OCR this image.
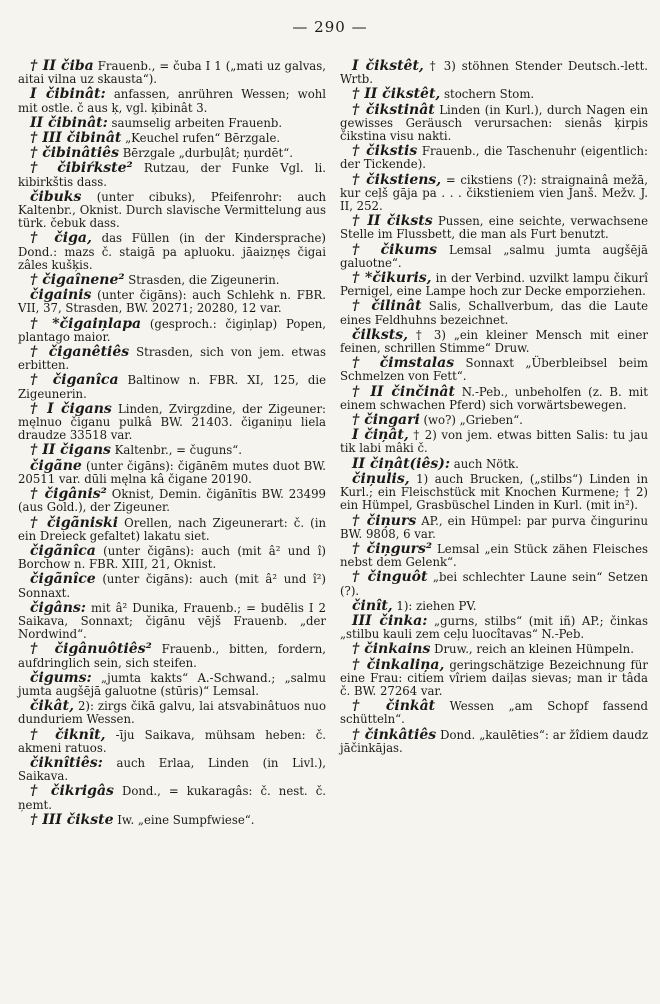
— 290 —

† II čiba Frauenb., = čuba I 1 („mati uz galvas, aitai vilna uz skausta“).

I čibinât: anfassen, anrühren Wessen; wohl mit ostle. č aus ķ, vgl. ķibinât 3.

II čibinât: saumselig arbeiten Frauenb.

† III čibinât „Keuchel rufen“ Bērzgale.

† čibinâtiês Bērzgale „durbuļât; ņurdēt“.

† čibiŕkste² Rutzau, der Funke Vgl. li. kibirkštis dass.

čibuks (unter cibuks), Pfeifenrohr: auch Kaltenbr., Oknist. Durch slavische Vermittelung aus türk. čebuk dass.

† čiga, das Füllen (in der Kindersprache) Dond.: mazs č. staigā pa apluoku. jāaizņęs čigai zâles kušķis.

† čigaînene² Strasden, die Zigeunerin.

čigainis (unter čigāns): auch Schlehk n. FBR. VII, 37, Strasden, BW. 20271; 20280, 12 var.

† *čigaiņlapa (gesproch.: čigiņlap) Popen, plantago maior.

† čiganêtiês Strasden, sich von jem. etwas erbitten.

† čiganîca Baltinow n. FBR. XI, 125, die Zigeunerin.

† I čigans Linden, Zvirgzdine, der Zigeuner: męlnuo čiganu pulkâ BW. 21403. čiganiņu liela draudze 33518 var.

† II čigans Kaltenbr., = čuguns“.

čigãne (unter čigāns): čigānēm mutes duot BW. 20511 var. dūli męlna kâ čigane 20190.

† čigânis² Oknist, Demin. čigānītis BW. 23499 (aus Gold.), der Zigeuner.

† čigãniski Orellen, nach Zigeunerart: č. (in ein Dreieck gefaltet) lakatu siet.

čigãnîca (unter čigāns): auch (mit â² und î) Borchow n. FBR. XIII, 21, Oknist.

čigãnîce (unter čigāns): auch (mit â² und î²) Sonnaxt.

čigâns: mit â² Dunika, Frauenb.; = budēlis I 2 Saikava, Sonnaxt; čigānu vējš Frauenb. „der Nordwind“.

† čigânuôtiês² Frauenb., bitten, fordern, aufdringlich sein, sich steifen.

čigums: „jumta kakts“ A.-Schwand.; „salmu jumta augšējā galuotne (stūris)“ Lemsal.

čikât, 2): zirgs čikā galvu, lai atsvabinâtuos nuo dunduriem Wessen.

† čiknît, -īju Saikava, mühsam heben: č. akmeni ratuos.

čiknîtiês: auch Erlaa, Linden (in Livl.), Saikava.

† čikrigâs Dond., = kukaragâs: č. nest. č. ņemt.

† III čikste Iw. „eine Sumpfwiese“.

I čikstêt, † 3) stöhnen Stender Deutsch.-lett. Wrtb.

† II čikstêt, stochern Stom.

† čikstinât Linden (in Kurl.), durch Nagen ein gewisses Geräusch verursachen: sienâs ķirpis čikstina visu nakti.

† čikstis Frauenb., die Taschenuhr (eigentlich: der Tickende).

† čikstiens, = cikstiens (?): straignainâ mežā, kur ceļš gāja pa . . . čikstieniem vien Janš. Mežv. J. II, 252.

† II čiksts Pussen, eine seichte, verwachsene Stelle im Flussbett, die man als Furt benutzt.

† čikums Lemsal „salmu jumta augšējā galuotne“.

† *čikuris, in der Verbind. uzvilkt lampu čikurî Pernigel, eine Lampe hoch zur Decke emporziehen.

† čilinât Salis, Schallverbum, das die Laute eines Feldhuhns bezeichnet.

čilksts, † 3) „ein kleiner Mensch mit einer feinen, schrillen Stimme“ Druw.

† čimstalas Sonnaxt „Überbleibsel beim Schmelzen von Fett“.

† II činčinât N.-Peb., unbeholfen (z. B. mit einem schwachen Pferd) sich vorwärtsbewegen.

† čingari (wo?) „Grieben“.

I čiņât, † 2) von jem. etwas bitten Salis: tu jau tik labi mâki č.

II čiņât(iês): auch Nötk.

čiņulis, 1) auch Brucken, („stilbs“) Linden in Kurl.; ein Fleischstück mit Knochen Kurmene; † 2) ein Hümpel, Grasbüschel Linden in Kurl. (mit in²).

† čiņurs AP., ein Hümpel: par purva čingurinu BW. 9808, 6 var.

† čiņgurs² Lemsal „ein Stück zähen Fleisches nebst dem Gelenk“.

† činguôt „bei schlechter Laune sein“ Setzen (?).

činît, 1): ziehen PV.

III činka: „gurns, stilbs“ (mit iñ) AP.; činkas „stilbu kauli zem ceļu luocîtavas“ N.-Peb.

† činkains Druw., reich an kleinen Hümpeln.

† činkaliņa, geringschätzige Bezeichnung für eine Frau: citiem vîriem daiļas sievas; man ir tâda č. BW. 27264 var.

† činkât Wessen „am Schopf fassend schütteln“.

† činkâtiês Dond. „kaulēties“: ar žîdiem daudz jāčinkājas.
